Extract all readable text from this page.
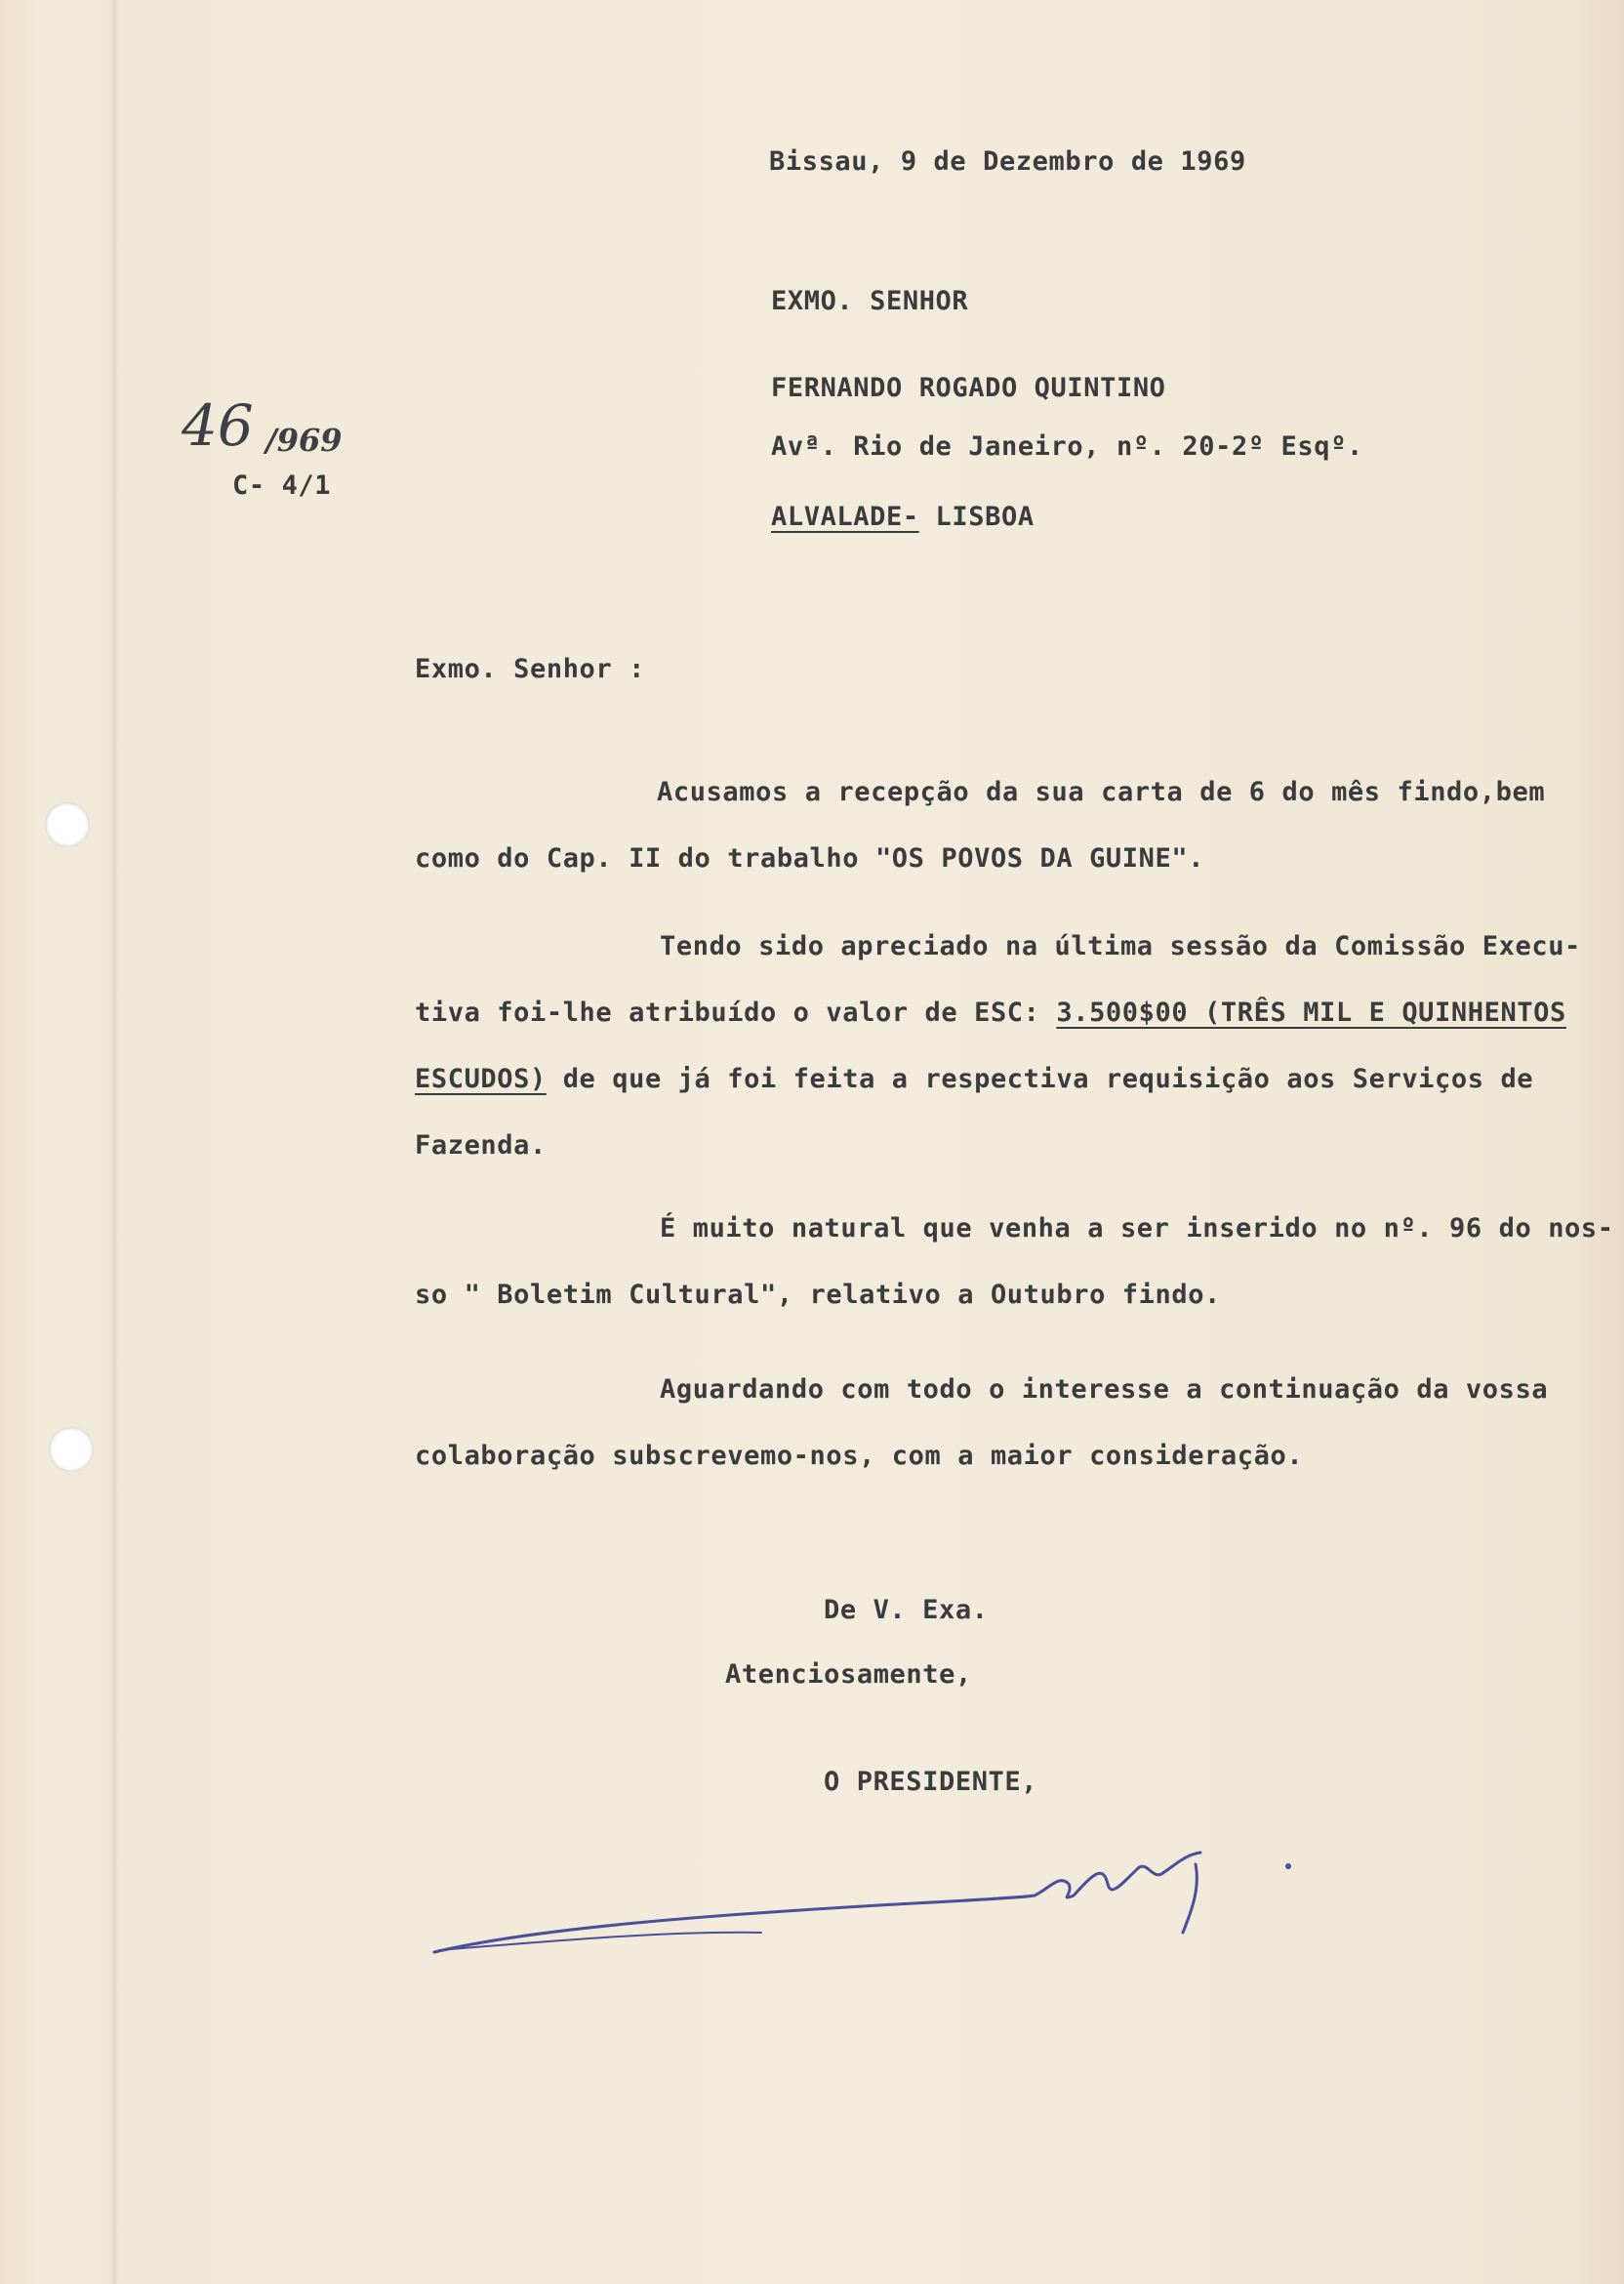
Bissau, 9 de Dezembro de 1969
EXMO. SENHOR
FERNANDO ROGADO QUINTINO
Avª. Rio de Janeiro, nº. 20-2º Esqº.
ALVALADE- LISBOA
46 /969
C- 4/1
Exmo. Senhor :
Acusamos a recepção da sua carta de 6 do mês findo,bem
como do Cap. II do trabalho "OS POVOS DA GUINE".
Tendo sido apreciado na última sessão da Comissão Execu-
tiva foi-lhe atribuído o valor de ESC: 3.500$00 (TRÊS MIL E QUINHENTOS
ESCUDOS) de que já foi feita a respectiva requisição aos Serviços de
Fazenda.
É muito natural que venha a ser inserido no nº. 96 do nos-
so " Boletim Cultural", relativo a Outubro findo.
Aguardando com todo o interesse a continuação da vossa
colaboração subscrevemo-nos, com a maior consideração.
De V. Exa.
Atenciosamente,
O PRESIDENTE,
